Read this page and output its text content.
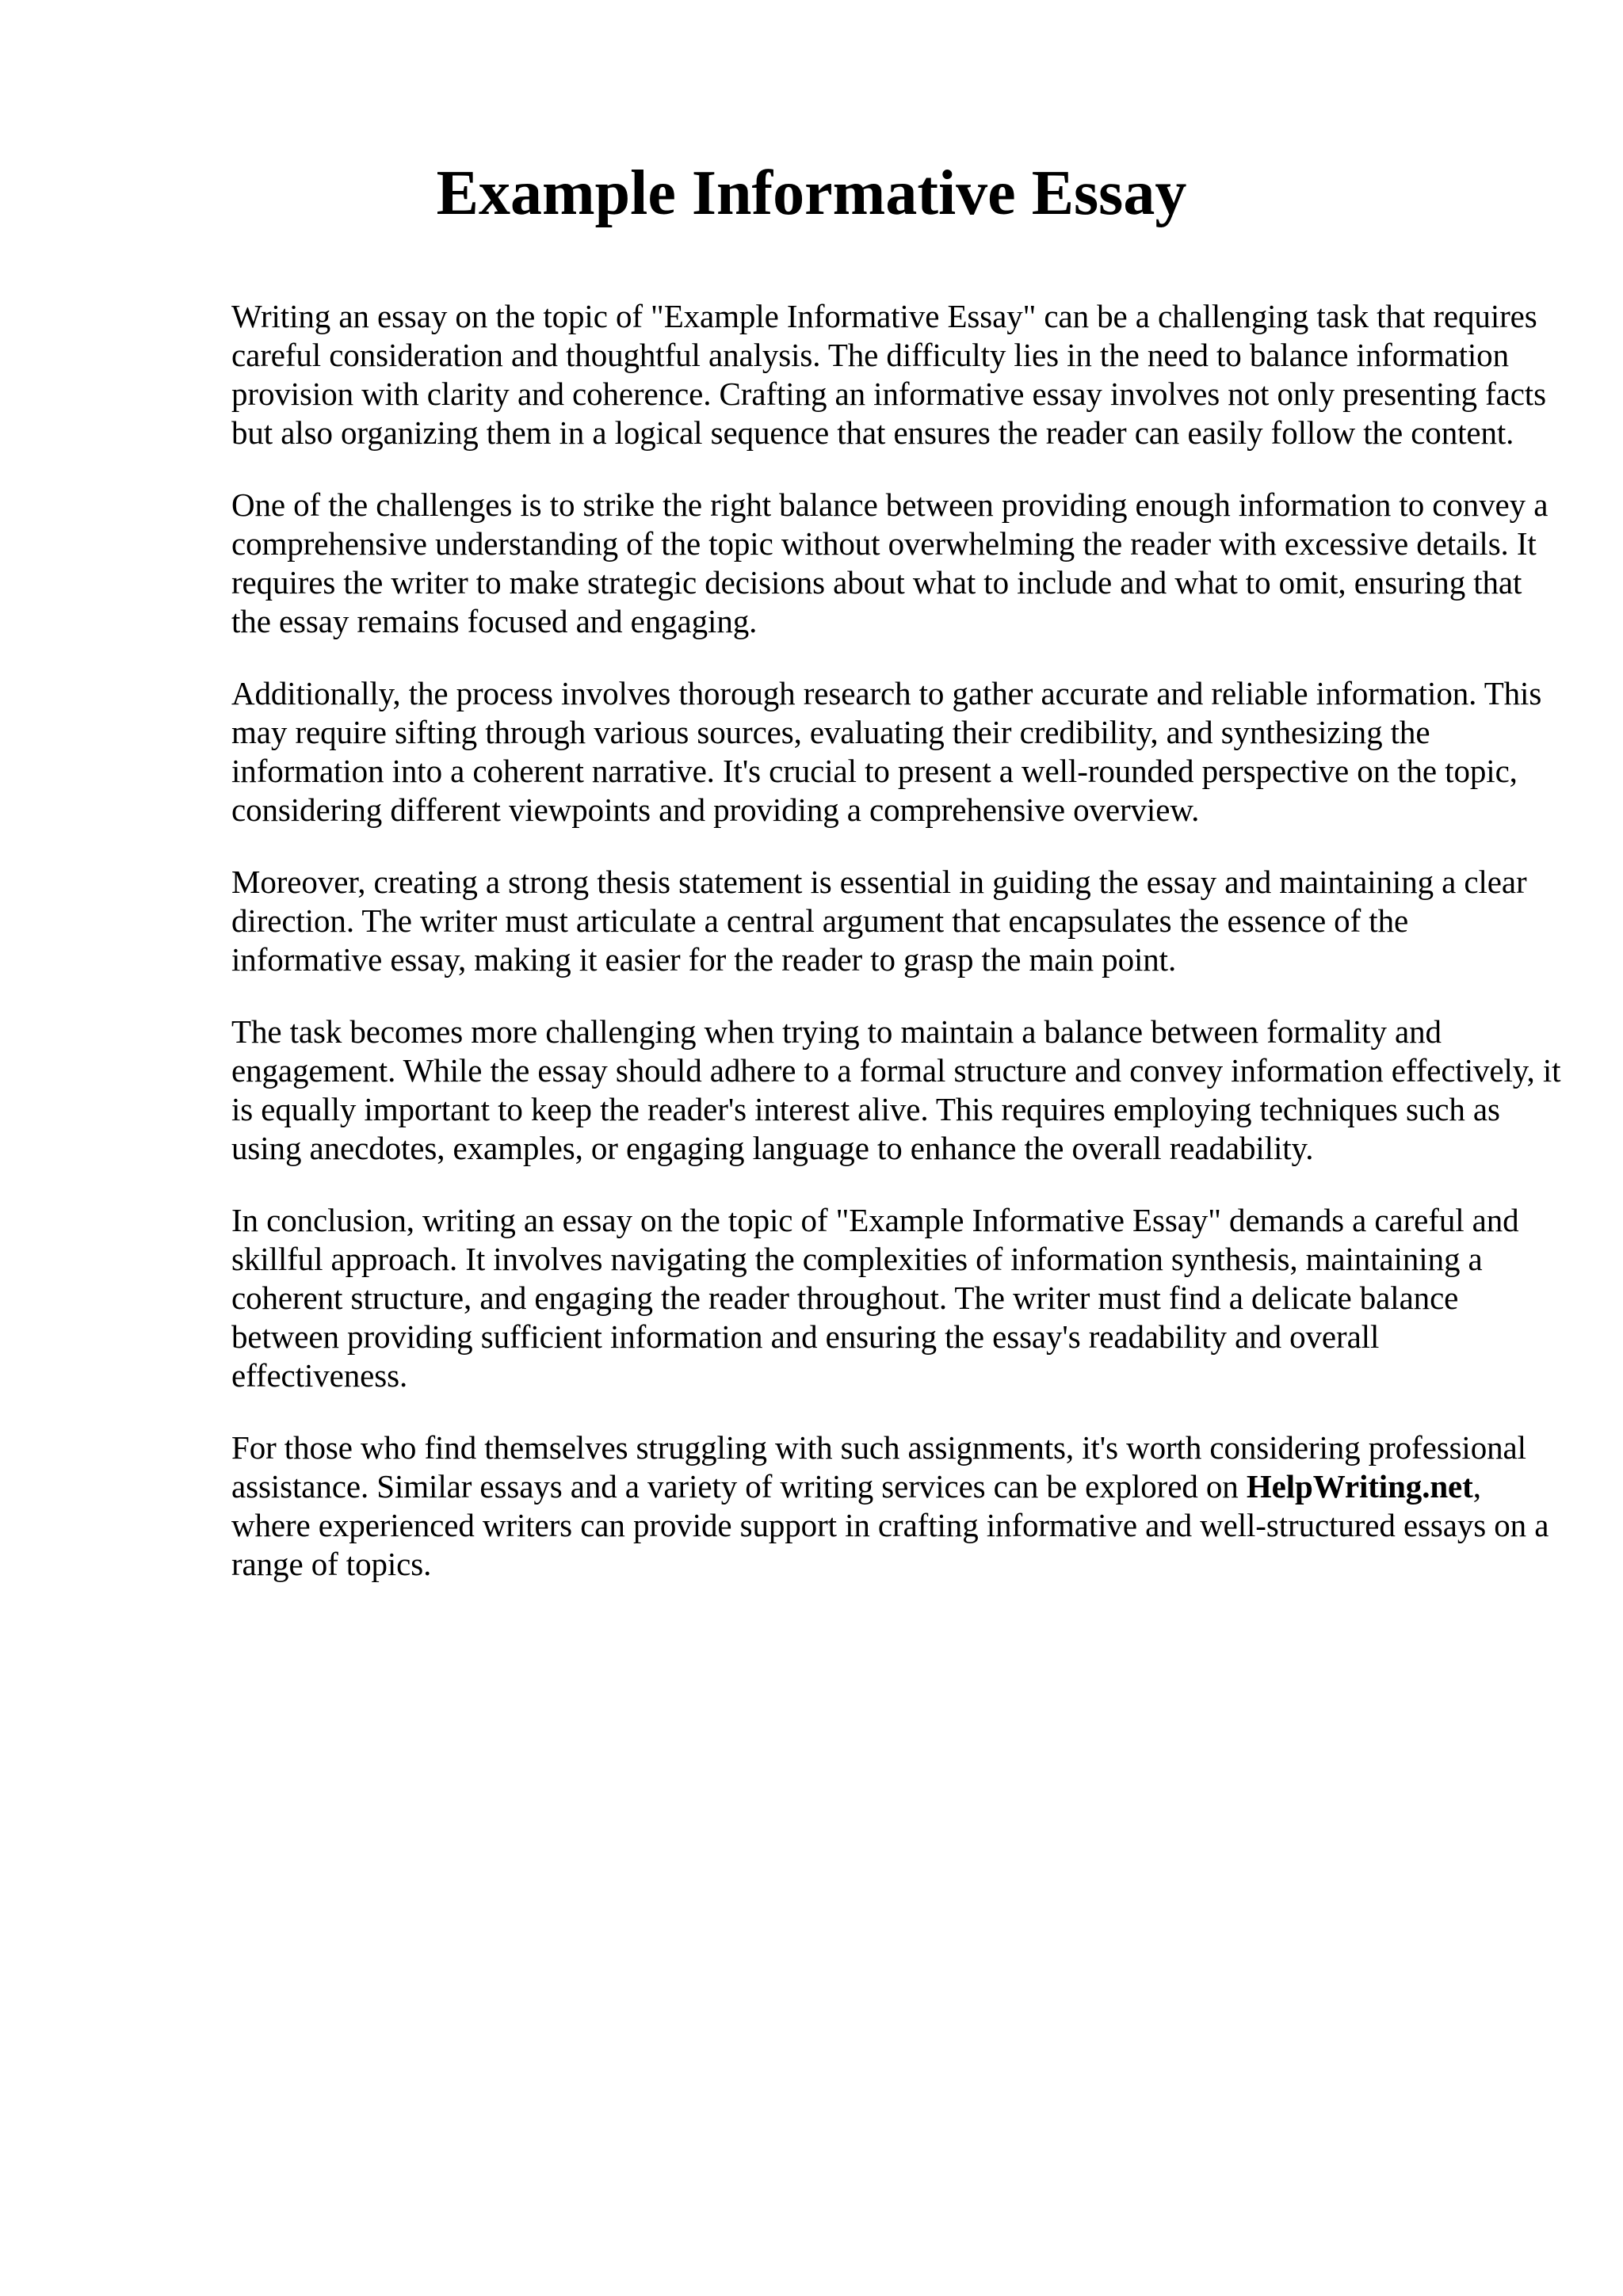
Example Informative Essay

Writing an essay on the topic of "Example Informative Essay" can be a challenging task that requires careful consideration and thoughtful analysis. The difficulty lies in the need to balance information provision with clarity and coherence. Crafting an informative essay involves not only presenting facts but also organizing them in a logical sequence that ensures the reader can easily follow the content.

One of the challenges is to strike the right balance between providing enough information to convey a comprehensive understanding of the topic without overwhelming the reader with excessive details. It requires the writer to make strategic decisions about what to include and what to omit, ensuring that the essay remains focused and engaging.

Additionally, the process involves thorough research to gather accurate and reliable information. This may require sifting through various sources, evaluating their credibility, and synthesizing the information into a coherent narrative. It's crucial to present a well-rounded perspective on the topic, considering different viewpoints and providing a comprehensive overview.

Moreover, creating a strong thesis statement is essential in guiding the essay and maintaining a clear direction. The writer must articulate a central argument that encapsulates the essence of the informative essay, making it easier for the reader to grasp the main point.

The task becomes more challenging when trying to maintain a balance between formality and engagement. While the essay should adhere to a formal structure and convey information effectively, it is equally important to keep the reader's interest alive. This requires employing techniques such as using anecdotes, examples, or engaging language to enhance the overall readability.

In conclusion, writing an essay on the topic of "Example Informative Essay" demands a careful and skillful approach. It involves navigating the complexities of information synthesis, maintaining a coherent structure, and engaging the reader throughout. The writer must find a delicate balance between providing sufficient information and ensuring the essay's readability and overall effectiveness.

For those who find themselves struggling with such assignments, it's worth considering professional assistance. Similar essays and a variety of writing services can be explored on HelpWriting.net, where experienced writers can provide support in crafting informative and well-structured essays on a range of topics.
